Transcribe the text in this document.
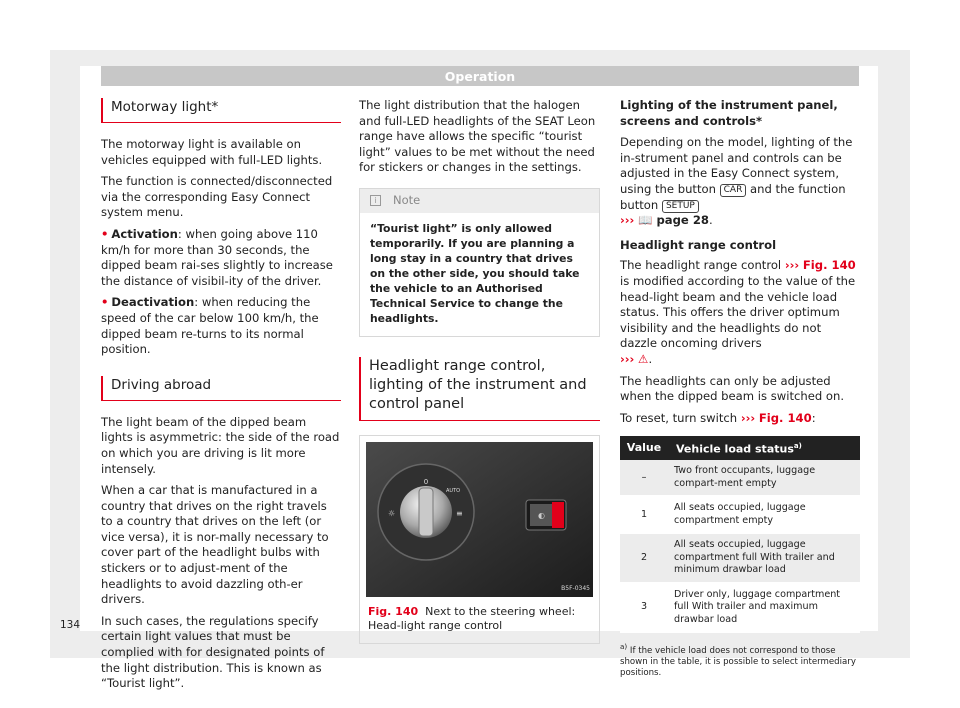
Operation
Motorway light*

The motorway light is available on vehicles equipped with full-LED lights.

The function is connected/disconnected via the corresponding Easy Connect system menu.

• Activation: when going above 110 km/h for more than 30 seconds, the dipped beam rai-ses slightly to increase the distance of visibil-ity of the driver.

• Deactivation: when reducing the speed of the car below 100 km/h, the dipped beam re-turns to its normal position.

Driving abroad

The light beam of the dipped beam lights is asymmetric: the side of the road on which you are driving is lit more intensely.

When a car that is manufactured in a country that drives on the right travels to a country that drives on the left (or vice versa), it is nor-mally necessary to cover part of the headlight bulbs with stickers or to adjust-ment of the headlights to avoid dazzling oth-er drivers.

In such cases, the regulations specify certain light values that must be complied with for designated points of the light distribution. This is known as “Tourist light”.

The light distribution that the halogen and full-LED headlights of the SEAT Leon range have allows the specific “tourist light” values to be met without the need for stickers or changes in the settings.

i	Note
“Tourist light” is only allowed temporarily. If you are planning a long stay in a country that drives on the other side, you should take the vehicle to an Authorised Technical Service to change the headlights.
Headlight range control, lighting of the instrument and control panel
0
AUTO
☼	≡	◐
B5F-0345
Fig. 140 Next to the steering wheel: Head-light range control

Lighting of the instrument panel, screens and controls*

Depending on the model, lighting of the in-strument panel and controls can be adjusted in the Easy Connect system, using the button CAR and the function button SETUP
››› 📖 page 28.

Headlight range control

The headlight range control ››› Fig. 140 is modified according to the value of the head-light beam and the vehicle load status. This offers the driver optimum visibility and the headlights do not dazzle oncoming drivers
››› ⚠.

The headlights can only be adjusted when the dipped beam is switched on.

To reset, turn switch ››› Fig. 140:

Value	Vehicle load status$^{a)}$
–	Two front occupants, luggage compart-ment empty
1	All seats occupied, luggage compartment empty
2	All seats occupied, luggage compartment full With trailer and minimum drawbar load
3	Driver only, luggage compartment full With trailer and maximum drawbar load

$^{a)}$ If the vehicle load does not correspond to those shown in the table, it is possible to select intermediary positions.

134
